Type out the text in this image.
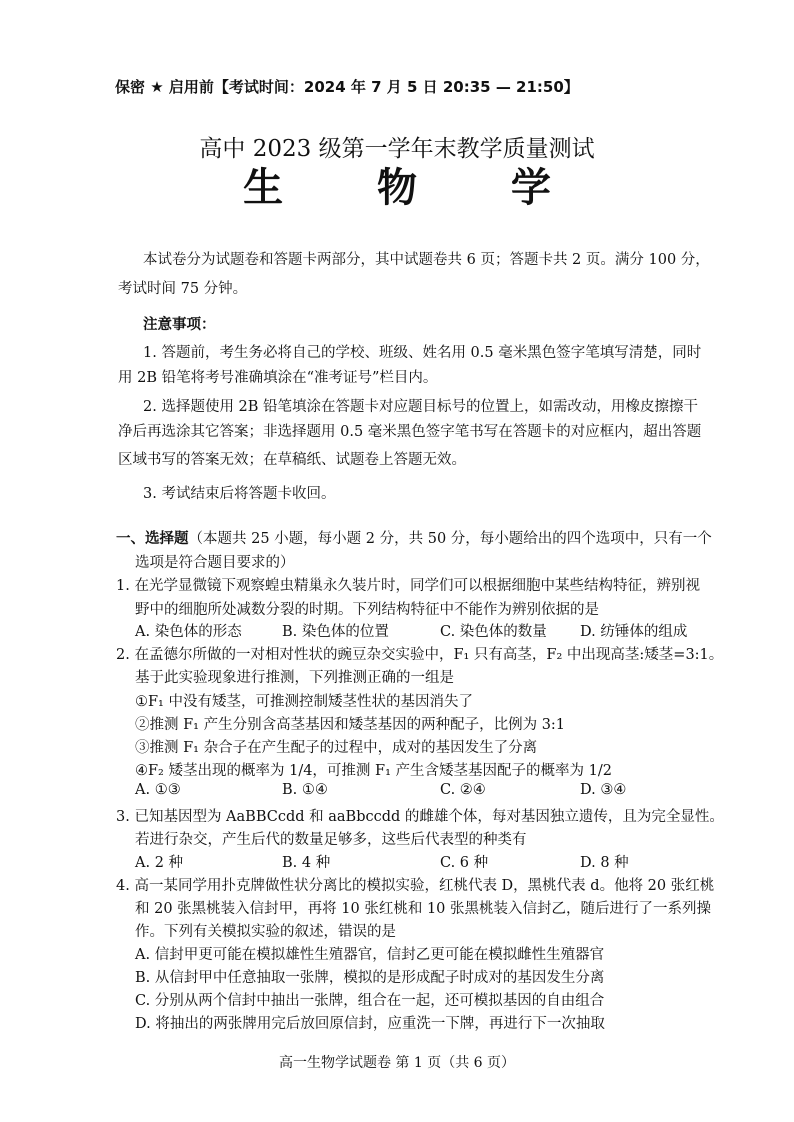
保密 ★ 启用前【考试时间：2024 年 7 月 5 日 20:35 — 21:50】
高中 2023 级第一学年末教学质量测试
生 物 学
本试卷分为试题卷和答题卡两部分，其中试题卷共 6 页；答题卡共 2 页。满分 100 分，
考试时间 75 分钟。
注意事项：
1. 答题前，考生务必将自己的学校、班级、姓名用 0.5 毫米黑色签字笔填写清楚，同时
用 2B 铅笔将考号准确填涂在“准考证号”栏目内。
2. 选择题使用 2B 铅笔填涂在答题卡对应题目标号的位置上，如需改动，用橡皮擦擦干
净后再选涂其它答案；非选择题用 0.5 毫米黑色签字笔书写在答题卡的对应框内，超出答题
区域书写的答案无效；在草稿纸、试题卷上答题无效。
3. 考试结束后将答题卡收回。
一、选择题（本题共 25 小题，每小题 2 分，共 50 分，每小题给出的四个选项中，只有一个
选项是符合题目要求的）
1. 在光学显微镜下观察蝗虫精巢永久装片时，同学们可以根据细胞中某些结构特征，辨别视
野中的细胞所处减数分裂的时期。下列结构特征中不能作为辨别依据的是
A. 染色体的形态	B. 染色体的位置	C. 染色体的数量 D. 纺锤体的组成
2. 在孟德尔所做的一对相对性状的豌豆杂交实验中，F₁ 只有高茎，F₂ 中出现高茎:矮茎=3:1。
基于此实验现象进行推测，下列推测正确的一组是
①F₁ 中没有矮茎，可推测控制矮茎性状的基因消失了
②推测 F₁ 产生分别含高茎基因和矮茎基因的两种配子，比例为 3:1
③推测 F₁ 杂合子在产生配子的过程中，成对的基因发生了分离
④F₂ 矮茎出现的概率为 1/4，可推测 F₁ 产生含矮茎基因配子的概率为 1/2
A. ①③	B. ①④	C. ②④	D. ③④
3. 已知基因型为 AaBBCcdd 和 aaBbccdd 的雌雄个体，每对基因独立遗传，且为完全显性。
若进行杂交，产生后代的数量足够多，这些后代表型的种类有
A. 2 种	B. 4 种	C. 6 种	D. 8 种
4. 高一某同学用扑克牌做性状分离比的模拟实验，红桃代表 D，黑桃代表 d。他将 20 张红桃
和 20 张黑桃装入信封甲，再将 10 张红桃和 10 张黑桃装入信封乙，随后进行了一系列操
作。下列有关模拟实验的叙述，错误的是
A. 信封甲更可能在模拟雄性生殖器官，信封乙更可能在模拟雌性生殖器官
B. 从信封甲中任意抽取一张牌，模拟的是形成配子时成对的基因发生分离
C. 分别从两个信封中抽出一张牌，组合在一起，还可模拟基因的自由组合
D. 将抽出的两张牌用完后放回原信封，应重洗一下牌，再进行下一次抽取
高一生物学试题卷 第 1 页（共 6 页）
